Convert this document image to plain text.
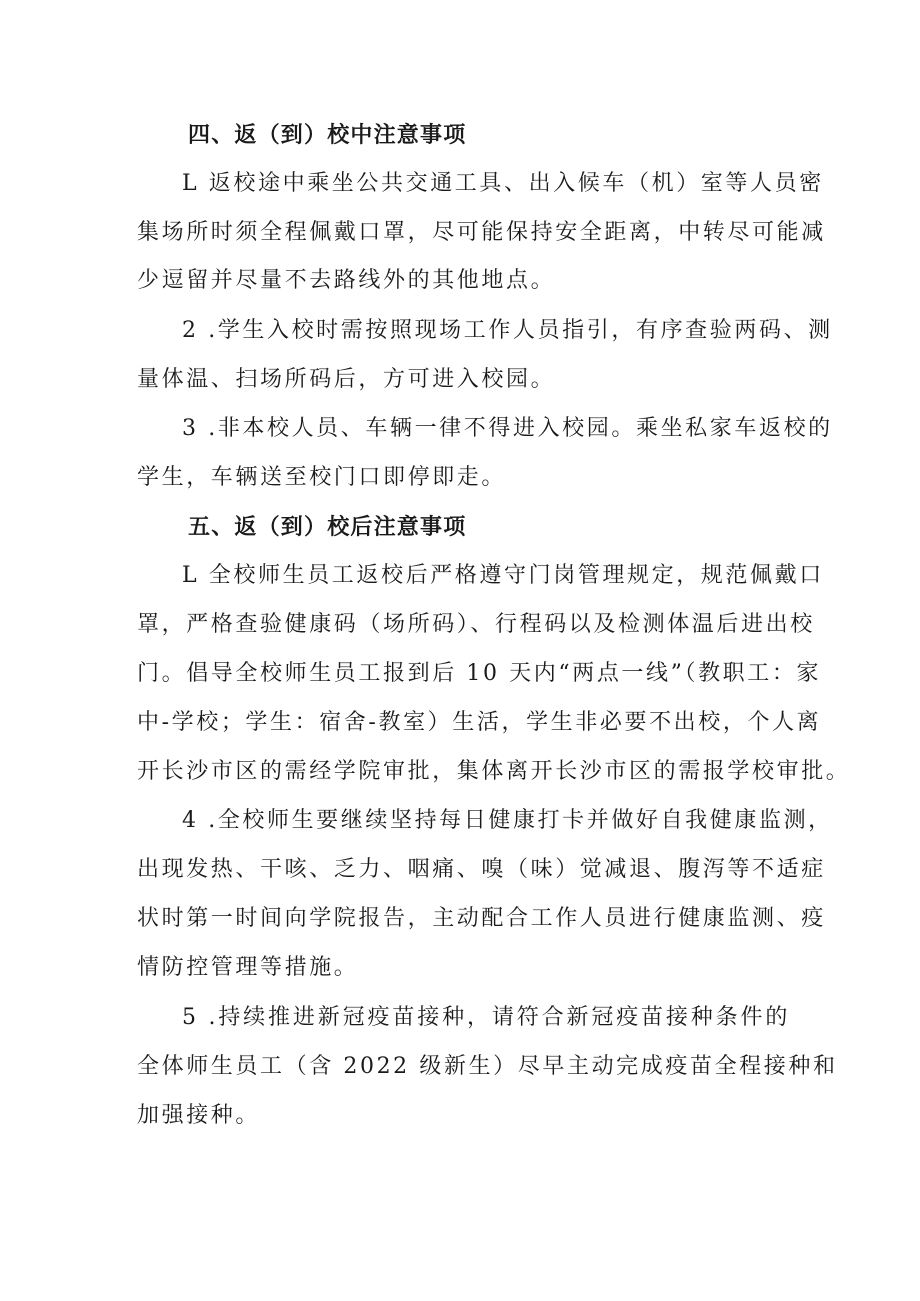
四、返（到）校中注意事项
L 返校途中乘坐公共交通工具、出入候车（机）室等人员密
集场所时须全程佩戴口罩，尽可能保持安全距离，中转尽可能减
少逗留并尽量不去路线外的其他地点。
2 .学生入校时需按照现场工作人员指引，有序查验两码、测
量体温、扫场所码后，方可进入校园。
3 .非本校人员、车辆一律不得进入校园。乘坐私家车返校的
学生，车辆送至校门口即停即走。
五、返（到）校后注意事项
L 全校师生员工返校后严格遵守门岗管理规定，规范佩戴口
罩，严格查验健康码（场所码）、行程码以及检测体温后进出校
门。倡导全校师生员工报到后 10 天内“两点一线”（教职工：家
中-学校；学生：宿舍-教室）生活，学生非必要不出校，个人离
开长沙市区的需经学院审批，集体离开长沙市区的需报学校审批。
4 .全校师生要继续坚持每日健康打卡并做好自我健康监测，
出现发热、干咳、乏力、咽痛、嗅（味）觉减退、腹泻等不适症
状时第一时间向学院报告，主动配合工作人员进行健康监测、疫
情防控管理等措施。
5 .持续推进新冠疫苗接种，请符合新冠疫苗接种条件的
全体师生员工（含 2022 级新生）尽早主动完成疫苗全程接种和
加强接种。
